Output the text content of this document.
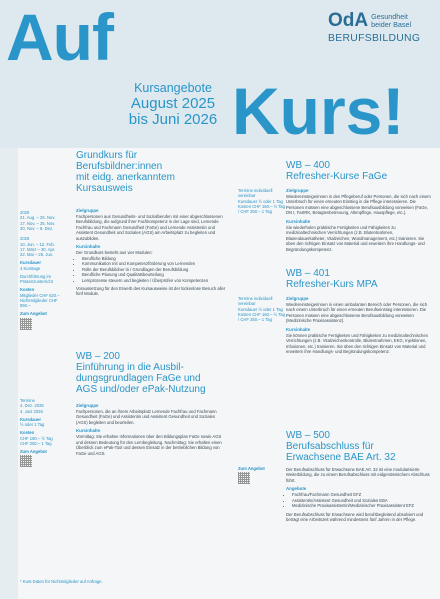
Auf
Kurs!
Kursangebote
August 2025
bis Juni 2026
OdA Gesundheit
beider Basel
BERUFSBILDUNG
2025
21. Aug. – 25. Nov.
17. Nov. – 25. Nov.
30. Nov. – 8. Dez.

2026
10. Jun. – 12. Feb.
17. März – 30. Apr.
22. Mai – 25. Jun.
Kursdauer
4 Kurstage
Durchführung im Präsenzunterricht
Kosten
Mitglieder CHF 620.–
Nichtmitglieder CHF 850.–
Zum Angebot
Grundkurs für
Berufsbildner:innen
mit eidg. anerkanntem
Kursausweis
Zielgruppe
Fachpersonen aus Gesundheits- und Sozialberufen mit einer abgeschlossenen Berufsbildung, die aufgrund ihrer Fachkompetenz in der Lage sind, Lernende Fachfrau und Fachmann Gesundheit (FaGe) und Lernende Assistentin und Assistent Gesundheit und Soziales (AGS) am Arbeitsplatz zu begleiten und auszubilden.
Kursinhalte
Der Grundkurs besteht aus vier Modulen:
• Berufliche Bildung
• Kommunikation mit und Kompetenzförderung von Lernenden
• Rolle der Berufsbildner:in / Grundlagen der Berufsbildung
• Berufliche Planung und Qualitätsbeurteilung
• Lernprozesse steuern und begleiten / Überprüfen von Kompetenzen
Voraussetzung für den Erwerb des Kursausweise ist der lückenlose Besuch aller fünf Module.
Termine
4. Dez. 2025
4. Juni 2026
Kursdauer
½ oder 1 Tag
Kosten
CHF 160.– ½ Tag
CHF 250.– 1 Tag
Zum Angebot
WB – 200
Einführung in die Ausbil-
dungsgrundlagen FaGe und
AGS und/oder ePak-Nutzung
Zielgruppe
Fachpersonen, die an ihrem Arbeitsplatz Lernende Fachfrau und Fachmann Gesundheit (FaGe) und Assistentin und Assistent Gesundheit und Soziales (AGS) begleiten und beurteilen.
Kursinhalte
Vormittag: Sie erhalten Informationen über den Bildungsplan FaGe sowie AGS und dessen Bedeutung für den Lernbegleitung. Nachmittag: Sie erhalten einen Überblick zum ePak-Tool und dessen Einsatz in der betrieblichen Bildung von FaGe und AGS.
Termine individuell vereinbar
Kursdauer ½ oder 1 Tag
Kosten CHF 160.– ½ Tag / CHF 250.– 1 Tag
WB – 400
Refresher-Kurse FaGe
Zielgruppe
Wiedereinsteigerinnen in den Pflegeberuf oder Personen, die sich nach einem Unterbruch für einen erneuten Einstieg in die Pflege interessieren. Die Personen müssen eine abgeschlossene Berufsausbildung vorweisen (FaGe, DN I, FaSRK, Betagtenbetreuung, Altenpflege, Hauspflege, etc.).
Kursinhalte
Sie wiederholen praktische Fertigkeiten und Fähigkeiten zu medizinaltechnischen Verrichtungen (z.B. Blutentnahmen, Blasendauerkatheter, Vitalzeichen, Wundmanagement, etc.) trainieren. Sie üben den richtigen Einsatz von Material und erweitern ihre Handlungs- und Begründungskompetenz.
Termine individuell vereinbar
Kursdauer ½ oder 1 Tag
Kosten CHF 160.– ½ Tag / CHF 250.– 1 Tag
WB – 401
Refresher-Kurs MPA
Zielgruppe
Wiedereinsteigerinnen in einen ambulanten Bereich oder Personen, die sich nach einem Unterbruch für einen erneuten Berufseinstieg interessieren. Die Personen müssen eine abgeschlossene Berufsausbildung vorweisen (Medizinische Praxisassistenz).
Kursinhalte
Sie können praktische Fertigkeiten und Fähigkeiten zu medizinaltechnischen Verrichtungen (z.B. Vitalzeichenkontrolle, Blutentnahmen, EKG, Injektionen, Infusionen, etc.) trainieren. Sie üben den richtigen Einsatz von Material und erweitern ihre Handlungs- und Begründungskompetenz.
Zum Angebot
WB – 500
Berufsabschluss für
Erwachsene BAE Art. 32
Der Berufsabschluss für Erwachsene BAE Art. 32 ist eine modularisierte Weiterbildung, die zu einem Berufsabschluss mit eidgenössischem Abschluss führt.
Angebote
• Fachfrau/Fachmann Gesundheit EFZ
• Assistentin/Assistent Gesundheit und Soziales EBA
• Medizinische Praxisassistentin/Medizinischer Praxisassistent EFZ
Der Berufsabschluss für Erwachsene wird berufsbegleitend absolviert und beträgt eine Arbeitszeit während mindestens fünf Jahren in der Pflege.
* Kurs-Daten für Nichtmitglieder auf Anfrage.
